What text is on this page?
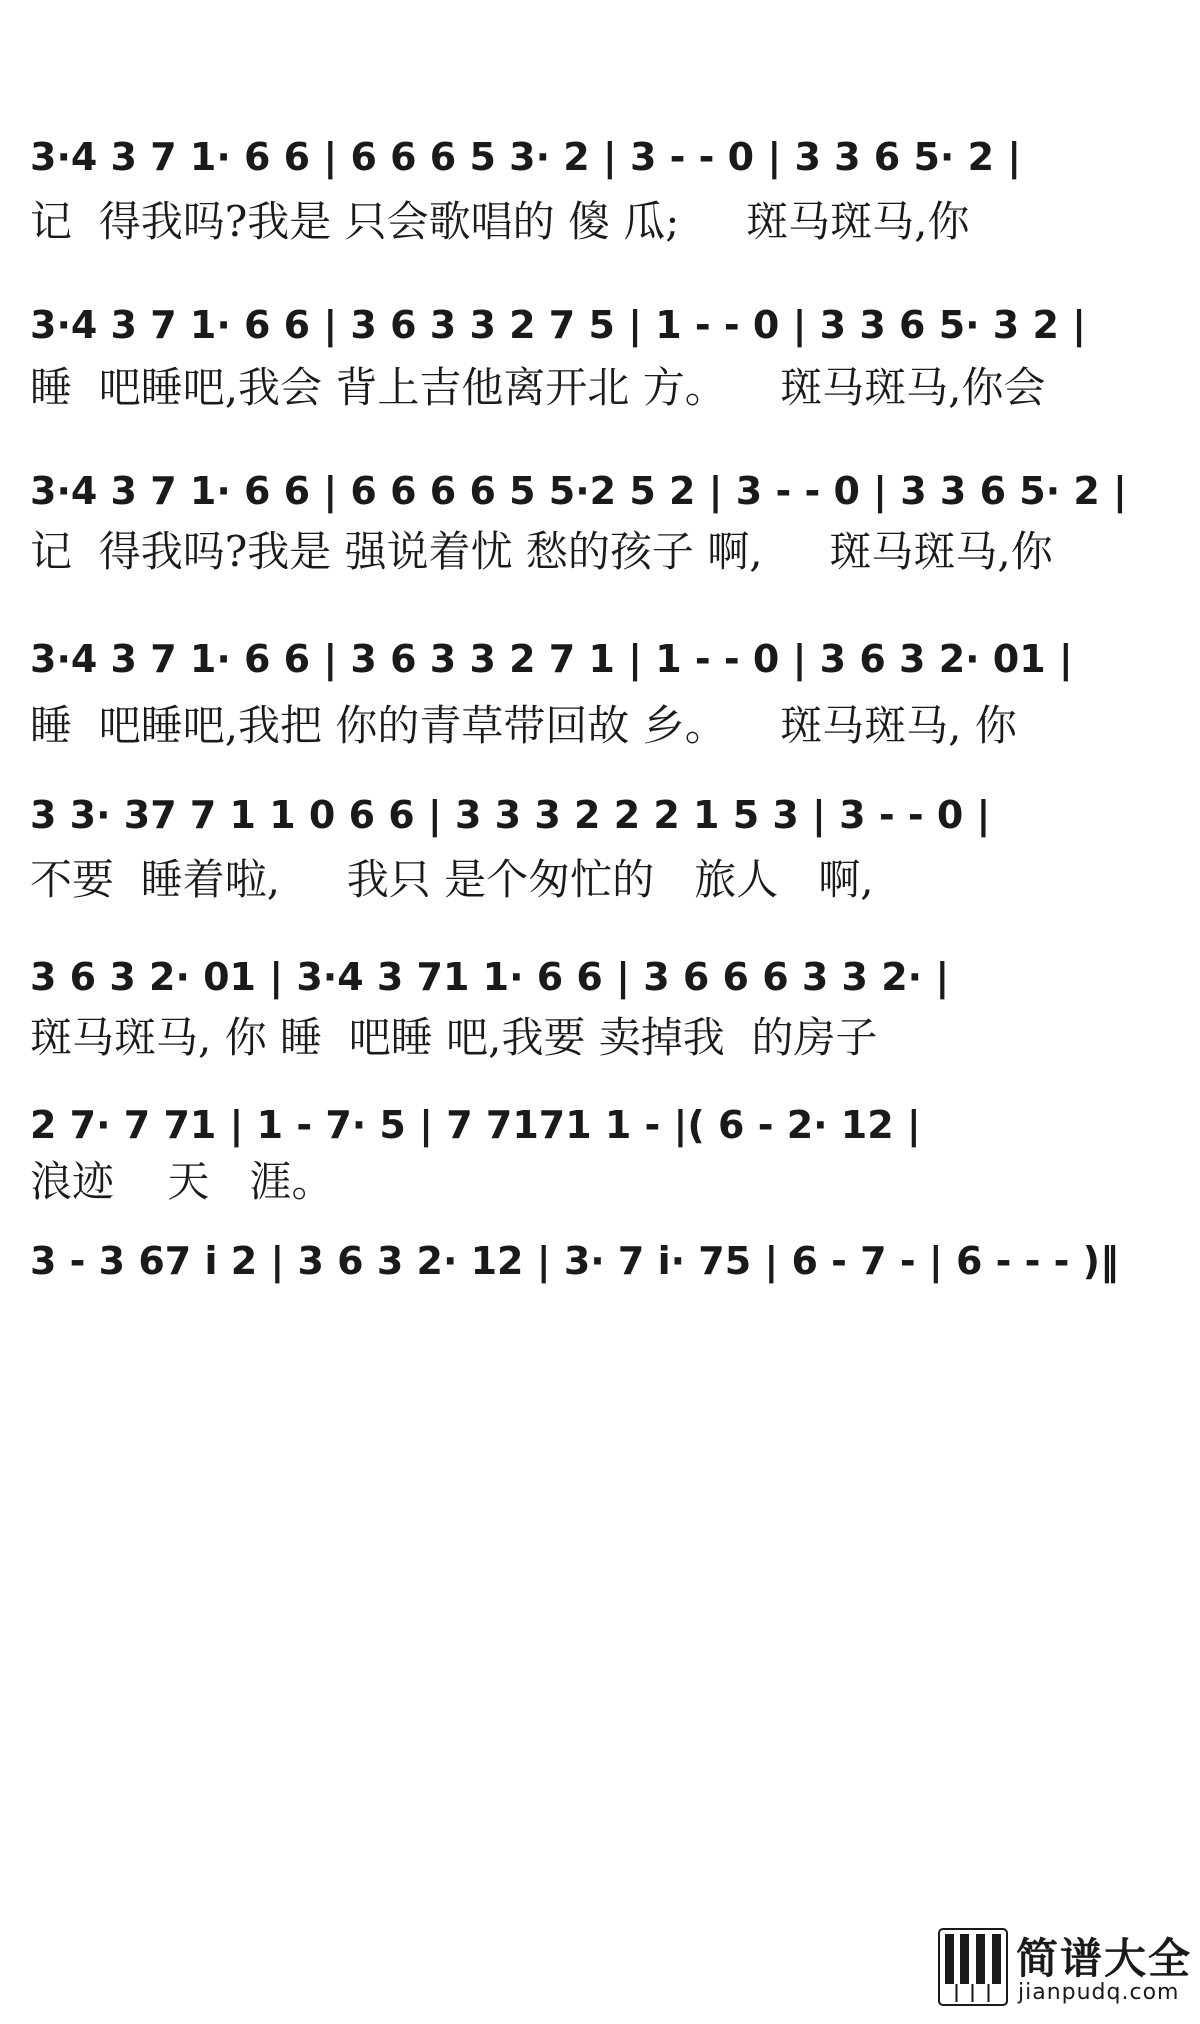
3·4 3 7 1· 6 6 | 6 6 6 5 3· 2 | 3 - - 0 | 3 3 6 5· 2 |

记  得我吗?我是 只会歌唱的 傻 瓜;     斑马斑马,你

3·4 3 7 1· 6 6 | 3 6 3 3 2 7 5 | 1 - - 0 | 3 3 6 5· 3 2 |

睡  吧睡吧,我会 背上吉他离开北 方。    斑马斑马,你会

3·4 3 7 1· 6 6 | 6 6 6 6 5 5·2 5 2 | 3 - - 0 | 3 3 6 5· 2 |

记  得我吗?我是 强说着忧 愁的孩子 啊,     斑马斑马,你

3·4 3 7 1· 6 6 | 3 6 3 3 2 7 1 | 1 - - 0 | 3 6 3 2· 01 |

睡  吧睡吧,我把 你的青草带回故 乡。    斑马斑马, 你

3 3· 37 7 1 1 0 6 6 | 3 3 3 2 2 2 1 5 3 | 3 - - 0 |

不要  睡着啦,     我只 是个匆忙的   旅人   啊,

3 6 3 2· 01 | 3·4 3 71 1· 6 6 | 3 6 6 6 3 3 2· |

斑马斑马, 你 睡  吧睡 吧,我要 卖掉我  的房子

2 7· 7 71 | 1 - 7· 5 | 7 7171 1 - |( 6 - 2· 12 |

浪迹    天   涯。

3 - 3 67 i 2 | 3 6 3 2· 12 | 3· 7 i· 75 | 6 - 7 - | 6 - - - )‖
简谱大全
jianpudq.com
